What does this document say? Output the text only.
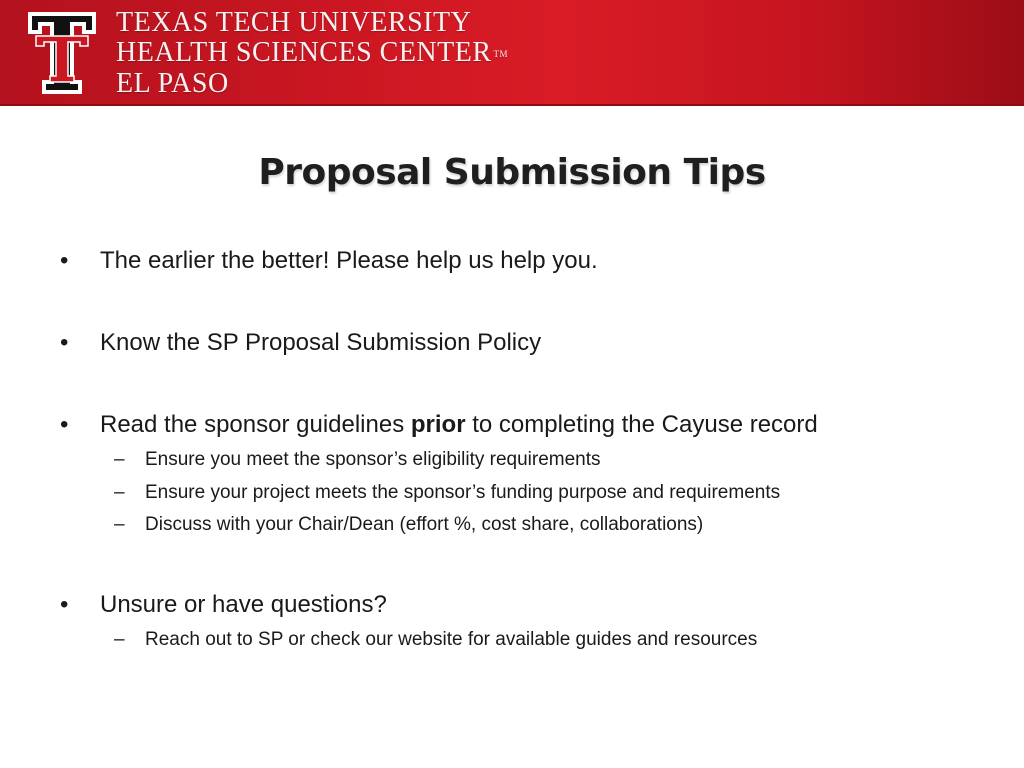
TEXAS TECH UNIVERSITY
HEALTH SCIENCES CENTER TM
EL PASO
Proposal Submission Tips
• The earlier the better! Please help us help you.
• Know the SP Proposal Submission Policy
• Read the sponsor guidelines prior to completing the Cayuse record
– Ensure you meet the sponsor’s eligibility requirements
– Ensure your project meets the sponsor’s funding purpose and requirements
– Discuss with your Chair/Dean (effort %, cost share, collaborations)
• Unsure or have questions?
– Reach out to SP or check our website for available guides and resources
